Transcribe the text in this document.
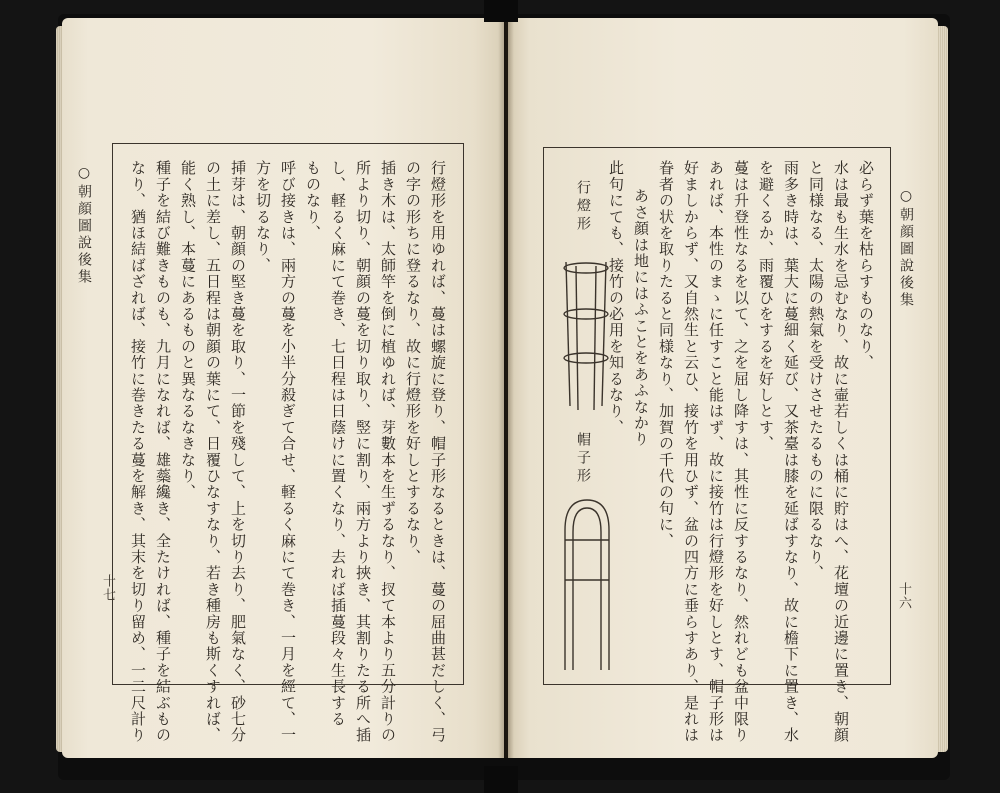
○朝顔圖說後集
十七	行燈形を用ゆれば、蔓は螺旋に登り、帽子形なるときは、蔓の屈曲甚だしく、弓
の字の形ちに登るなり、故に行燈形を好しとするなり、
插き木は、太師竿を倒に植ゆれば、芽數本を生ずるなり、扠て本より五分計りの
所より切り、朝顔の蔓を切り取り、竪に割り、兩方より挾き、其割りたる所へ插
し、軽るく麻にて巻き、七日程は日蔭けに置くなり、去れば插蔓段々生長する
ものなり、
呼び接きは、兩方の蔓を小半分殺ぎて合せ、軽るく麻にて巻き、一月を經て、一
方を切るなり、
挿芽は、朝顔の堅き蔓を取り、一節を殘して、上を切り去り、肥氣なく、砂七分
の土に差し、五日程は朝顔の葉にて、日覆ひなすなり、若き種房も斯くすれば、
能く熟し、本蔓にあるものと異なるなきなり、
種子を結び難きものも、九月になれば、雄蘂纔き、全たければ、種子を結ぶもの
なり、猶ほ結ばざれば、接竹に巻きたる蔓を解き、其末を切り留め、一二尺計り	○朝顔圖說後集
十六
必らず葉を枯らすものなり、
水は最も生水を忌むなり、故に壷若しくは桶に貯はへ、花壇の近邊に置き、朝顔
と同様なる、太陽の熱氣を受けさせたるものに限るなり、
雨多き時は、葉大に蔓細く延び、又茶臺は膝を延ばすなり、故に檐下に置き、水
を避くるか、雨覆ひをするを好しとす、
蔓は升登性なるを以て、之を屈し降すは、其性に反するなり、然れども盆中限り
あれば、本性のまゝに任すこと能はず、故に接竹は行燈形を好しとす、帽子形は
好ましからず、又自然生と云ひ、接竹を用ひず、盆の四方に垂らすあり、是れは
眷者の状を取りたると同様なり、加賀の千代の句に、
あさ顔は地にはふことをあふなかり
此句にても、接竹の必用を知るなり、
行燈形
帽子形
